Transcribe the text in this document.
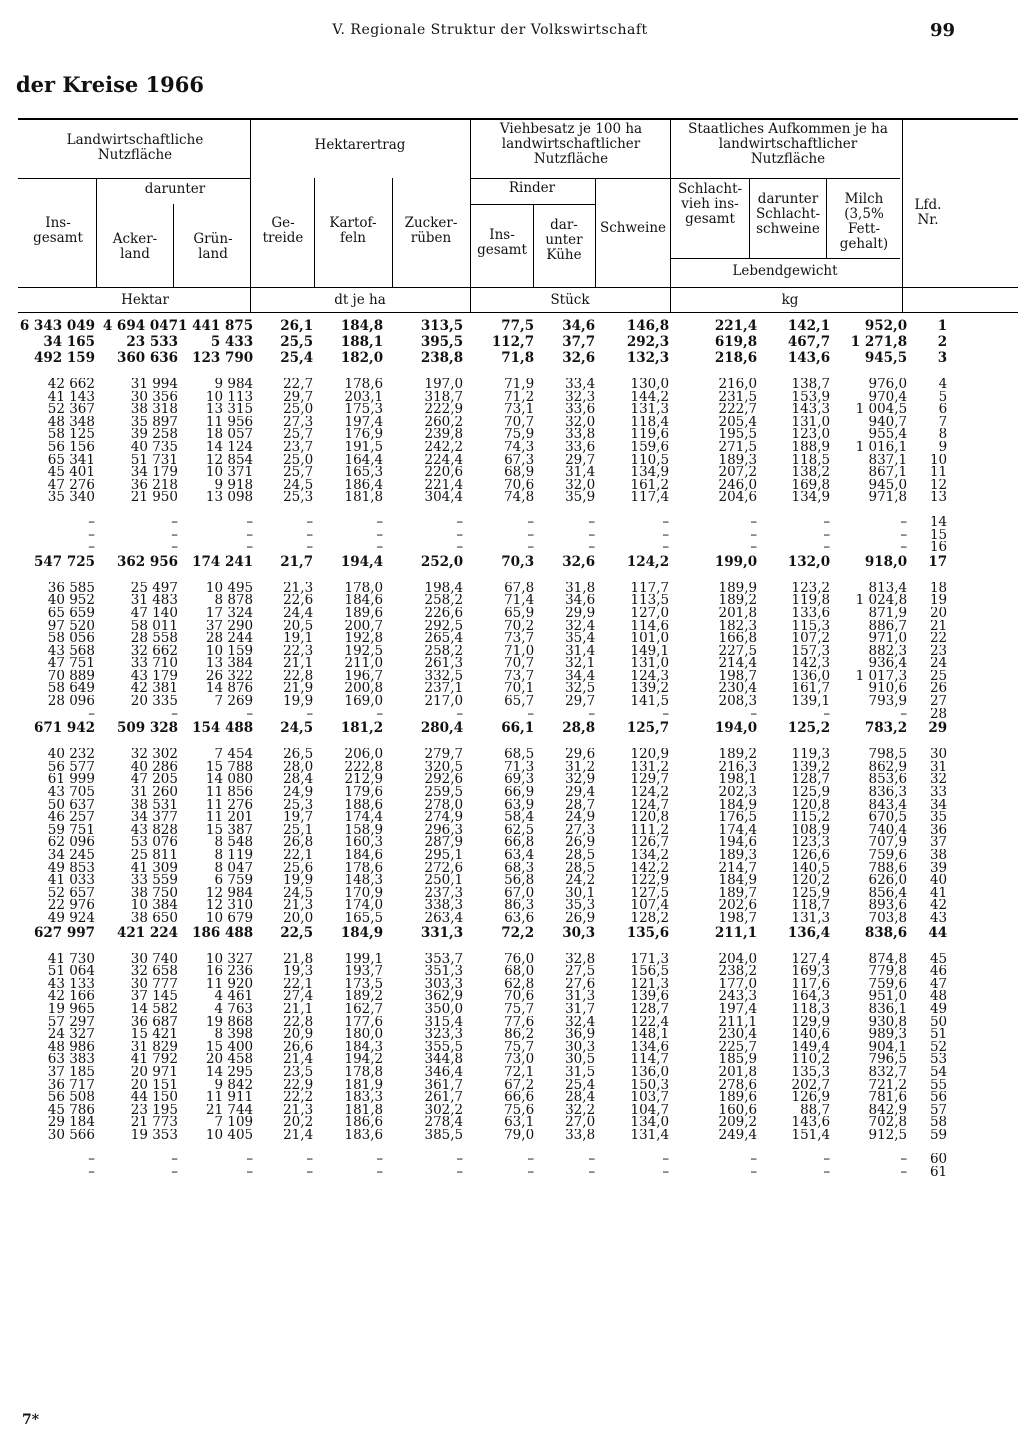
V. Regionale Struktur der Volkswirtschaft	99
der Kreise 1966
Landwirtschaftliche Nutzfläche
Hektarertrag
Viehbesatz je 100 ha landwirtschaftlicher Nutzfläche
Staatliches Aufkommen je ha landwirtschaftlicher Nutzfläche
darunter
Ins- gesamt	Acker- land
Grün- land
Ge- treide
Kartof- feln
Zucker- rüben
Rinder
Ins- gesamt
dar- unter Kühe
Schweine
Schlacht- vieh ins- gesamt
darunter Schlacht- schweine
Milch (3,5% Fett- gehalt)
Lfd. Nr.
Lebendgewicht
Hektar	dt je ha	Stück	kg
6 343 049	4 694 047	1 441 875	26,1	184,8	313,5	77,5	34,6	146,8	221,4	142,1	952,0	1
34 165	23 533	5 433	25,5	188,1	395,5	112,7	37,7	292,3	619,8	467,7	1 271,8	2
492 159	360 636	123 790	25,4	182,0	238,8	71,8	32,6	132,3	218,6	143,6	945,5	3

42 662	31 994	9 984	22,7	178,6	197,0	71,9	33,4	130,0	216,0	138,7	976,0	4
41 143	30 356	10 113	29,7	203,1	318,7	71,2	32,3	144,2	231,5	153,9	970,4	5
52 367	38 318	13 315	25,0	175,3	222,9	73,1	33,6	131,3	222,7	143,3	1 004,5	6
48 348	35 897	11 956	27,3	197,4	260,2	70,7	32,0	118,4	205,4	131,0	940,7	7
58 125	39 258	18 057	25,7	176,9	239,8	75,9	33,8	119,6	195,5	123,0	955,4	8
56 156	40 735	14 124	23,7	191,5	242,2	74,3	33,6	159,6	271,5	188,9	1 016,1	9
65 341	51 731	12 854	25,0	164,4	224,4	67,3	29,7	110,5	189,3	118,5	837,1	10
45 401	34 179	10 371	25,7	165,3	220,6	68,9	31,4	134,9	207,2	138,2	867,1	11
47 276	36 218	9 918	24,5	186,4	221,4	70,6	32,0	161,2	246,0	169,8	945,0	12
35 340	21 950	13 098	25,3	181,8	304,4	74,8	35,9	117,4	204,6	134,9	971,8	13

–	–	–	–	–	–	–	–	–	–	–	–	14
–	–	–	–	–	–	–	–	–	–	–	–	15
–	–	–	–	–	–	–	–	–	–	–	–	16
547 725	362 956	174 241	21,7	194,4	252,0	70,3	32,6	124,2	199,0	132,0	918,0	17

36 585	25 497	10 495	21,3	178,0	198,4	67,8	31,8	117,7	189,9	123,2	813,4	18
40 952	31 483	8 878	22,6	184,6	258,2	71,4	34,6	113,5	189,2	119,8	1 024,8	19
65 659	47 140	17 324	24,4	189,6	226,6	65,9	29,9	127,0	201,8	133,6	871,9	20
97 520	58 011	37 290	20,5	200,7	292,5	70,2	32,4	114,6	182,3	115,3	886,7	21
58 056	28 558	28 244	19,1	192,8	265,4	73,7	35,4	101,0	166,8	107,2	971,0	22
43 568	32 662	10 159	22,3	192,5	258,2	71,0	31,4	149,1	227,5	157,3	882,3	23
47 751	33 710	13 384	21,1	211,0	261,3	70,7	32,1	131,0	214,4	142,3	936,4	24
70 889	43 179	26 322	22,8	196,7	332,5	73,7	34,4	124,3	198,7	136,0	1 017,3	25
58 649	42 381	14 876	21,9	200,8	237,1	70,1	32,5	139,2	230,4	161,7	910,6	26
28 096	20 335	7 269	19,9	169,0	217,0	65,7	29,7	141,5	208,3	139,1	793,9	27
–	–	–	–	–	–	–	–	–	–	–	–	28
671 942	509 328	154 488	24,5	181,2	280,4	66,1	28,8	125,7	194,0	125,2	783,2	29

40 232	32 302	7 454	26,5	206,0	279,7	68,5	29,6	120,9	189,2	119,3	798,5	30
56 577	40 286	15 788	28,0	222,8	320,5	71,3	31,2	131,2	216,3	139,2	862,9	31
61 999	47 205	14 080	28,4	212,9	292,6	69,3	32,9	129,7	198,1	128,7	853,6	32
43 705	31 260	11 856	24,9	179,6	259,5	66,9	29,4	124,2	202,3	125,9	836,3	33
50 637	38 531	11 276	25,3	188,6	278,0	63,9	28,7	124,7	184,9	120,8	843,4	34
46 257	34 377	11 201	19,7	174,4	274,9	58,4	24,9	120,8	176,5	115,2	670,5	35
59 751	43 828	15 387	25,1	158,9	296,3	62,5	27,3	111,2	174,4	108,9	740,4	36
62 096	53 076	8 548	26,8	160,3	287,9	66,8	26,9	126,7	194,6	123,3	707,9	37
34 245	25 811	8 119	22,1	184,6	295,1	63,4	28,5	134,2	189,3	126,6	759,6	38
49 853	41 309	8 047	25,6	178,6	272,6	68,3	28,5	142,2	214,7	140,5	788,6	39
41 033	33 559	6 759	19,9	148,3	250,1	56,8	24,2	122,9	184,9	120,2	626,0	40
52 657	38 750	12 984	24,5	170,9	237,3	67,0	30,1	127,5	189,7	125,9	856,4	41
22 976	10 384	12 310	21,3	174,0	338,3	86,3	35,3	107,4	202,6	118,7	893,6	42
49 924	38 650	10 679	20,0	165,5	263,4	63,6	26,9	128,2	198,7	131,3	703,8	43
627 997	421 224	186 488	22,5	184,9	331,3	72,2	30,3	135,6	211,1	136,4	838,6	44

41 730	30 740	10 327	21,8	199,1	353,7	76,0	32,8	171,3	204,0	127,4	874,8	45
51 064	32 658	16 236	19,3	193,7	351,3	68,0	27,5	156,5	238,2	169,3	779,8	46
43 133	30 777	11 920	22,1	173,5	303,3	62,8	27,6	121,3	177,0	117,6	759,6	47
42 166	37 145	4 461	27,4	189,2	362,9	70,6	31,3	139,6	243,3	164,3	951,0	48
19 965	14 582	4 763	21,1	162,7	350,0	75,7	31,7	128,7	197,4	118,3	836,1	49
57 297	36 687	19 868	22,8	177,6	315,4	77,6	32,4	122,4	211,1	129,9	930,8	50
24 327	15 421	8 398	20,9	180,0	323,3	86,2	36,9	148,1	230,4	140,6	989,3	51
48 986	31 829	15 400	26,6	184,3	355,5	75,7	30,3	134,6	225,7	149,4	904,1	52
63 383	41 792	20 458	21,4	194,2	344,8	73,0	30,5	114,7	185,9	110,2	796,5	53
37 185	20 971	14 295	23,5	178,8	346,4	72,1	31,5	136,0	201,8	135,3	832,7	54
36 717	20 151	9 842	22,9	181,9	361,7	67,2	25,4	150,3	278,6	202,7	721,2	55
56 508	44 150	11 911	22,2	183,3	261,7	66,6	28,4	103,7	189,6	126,9	781,6	56
45 786	23 195	21 744	21,3	181,8	302,2	75,6	32,2	104,7	160,6	88,7	842,9	57
29 184	21 773	7 109	20,2	186,6	278,4	63,1	27,0	134,0	209,2	143,6	702,8	58
30 566	19 353	10 405	21,4	183,6	385,5	79,0	33,8	131,4	249,4	151,4	912,5	59

–	–	–	–	–	–	–	–	–	–	–	–	60
–	–	–	–	–	–	–	–	–	–	–	–	61
7*
